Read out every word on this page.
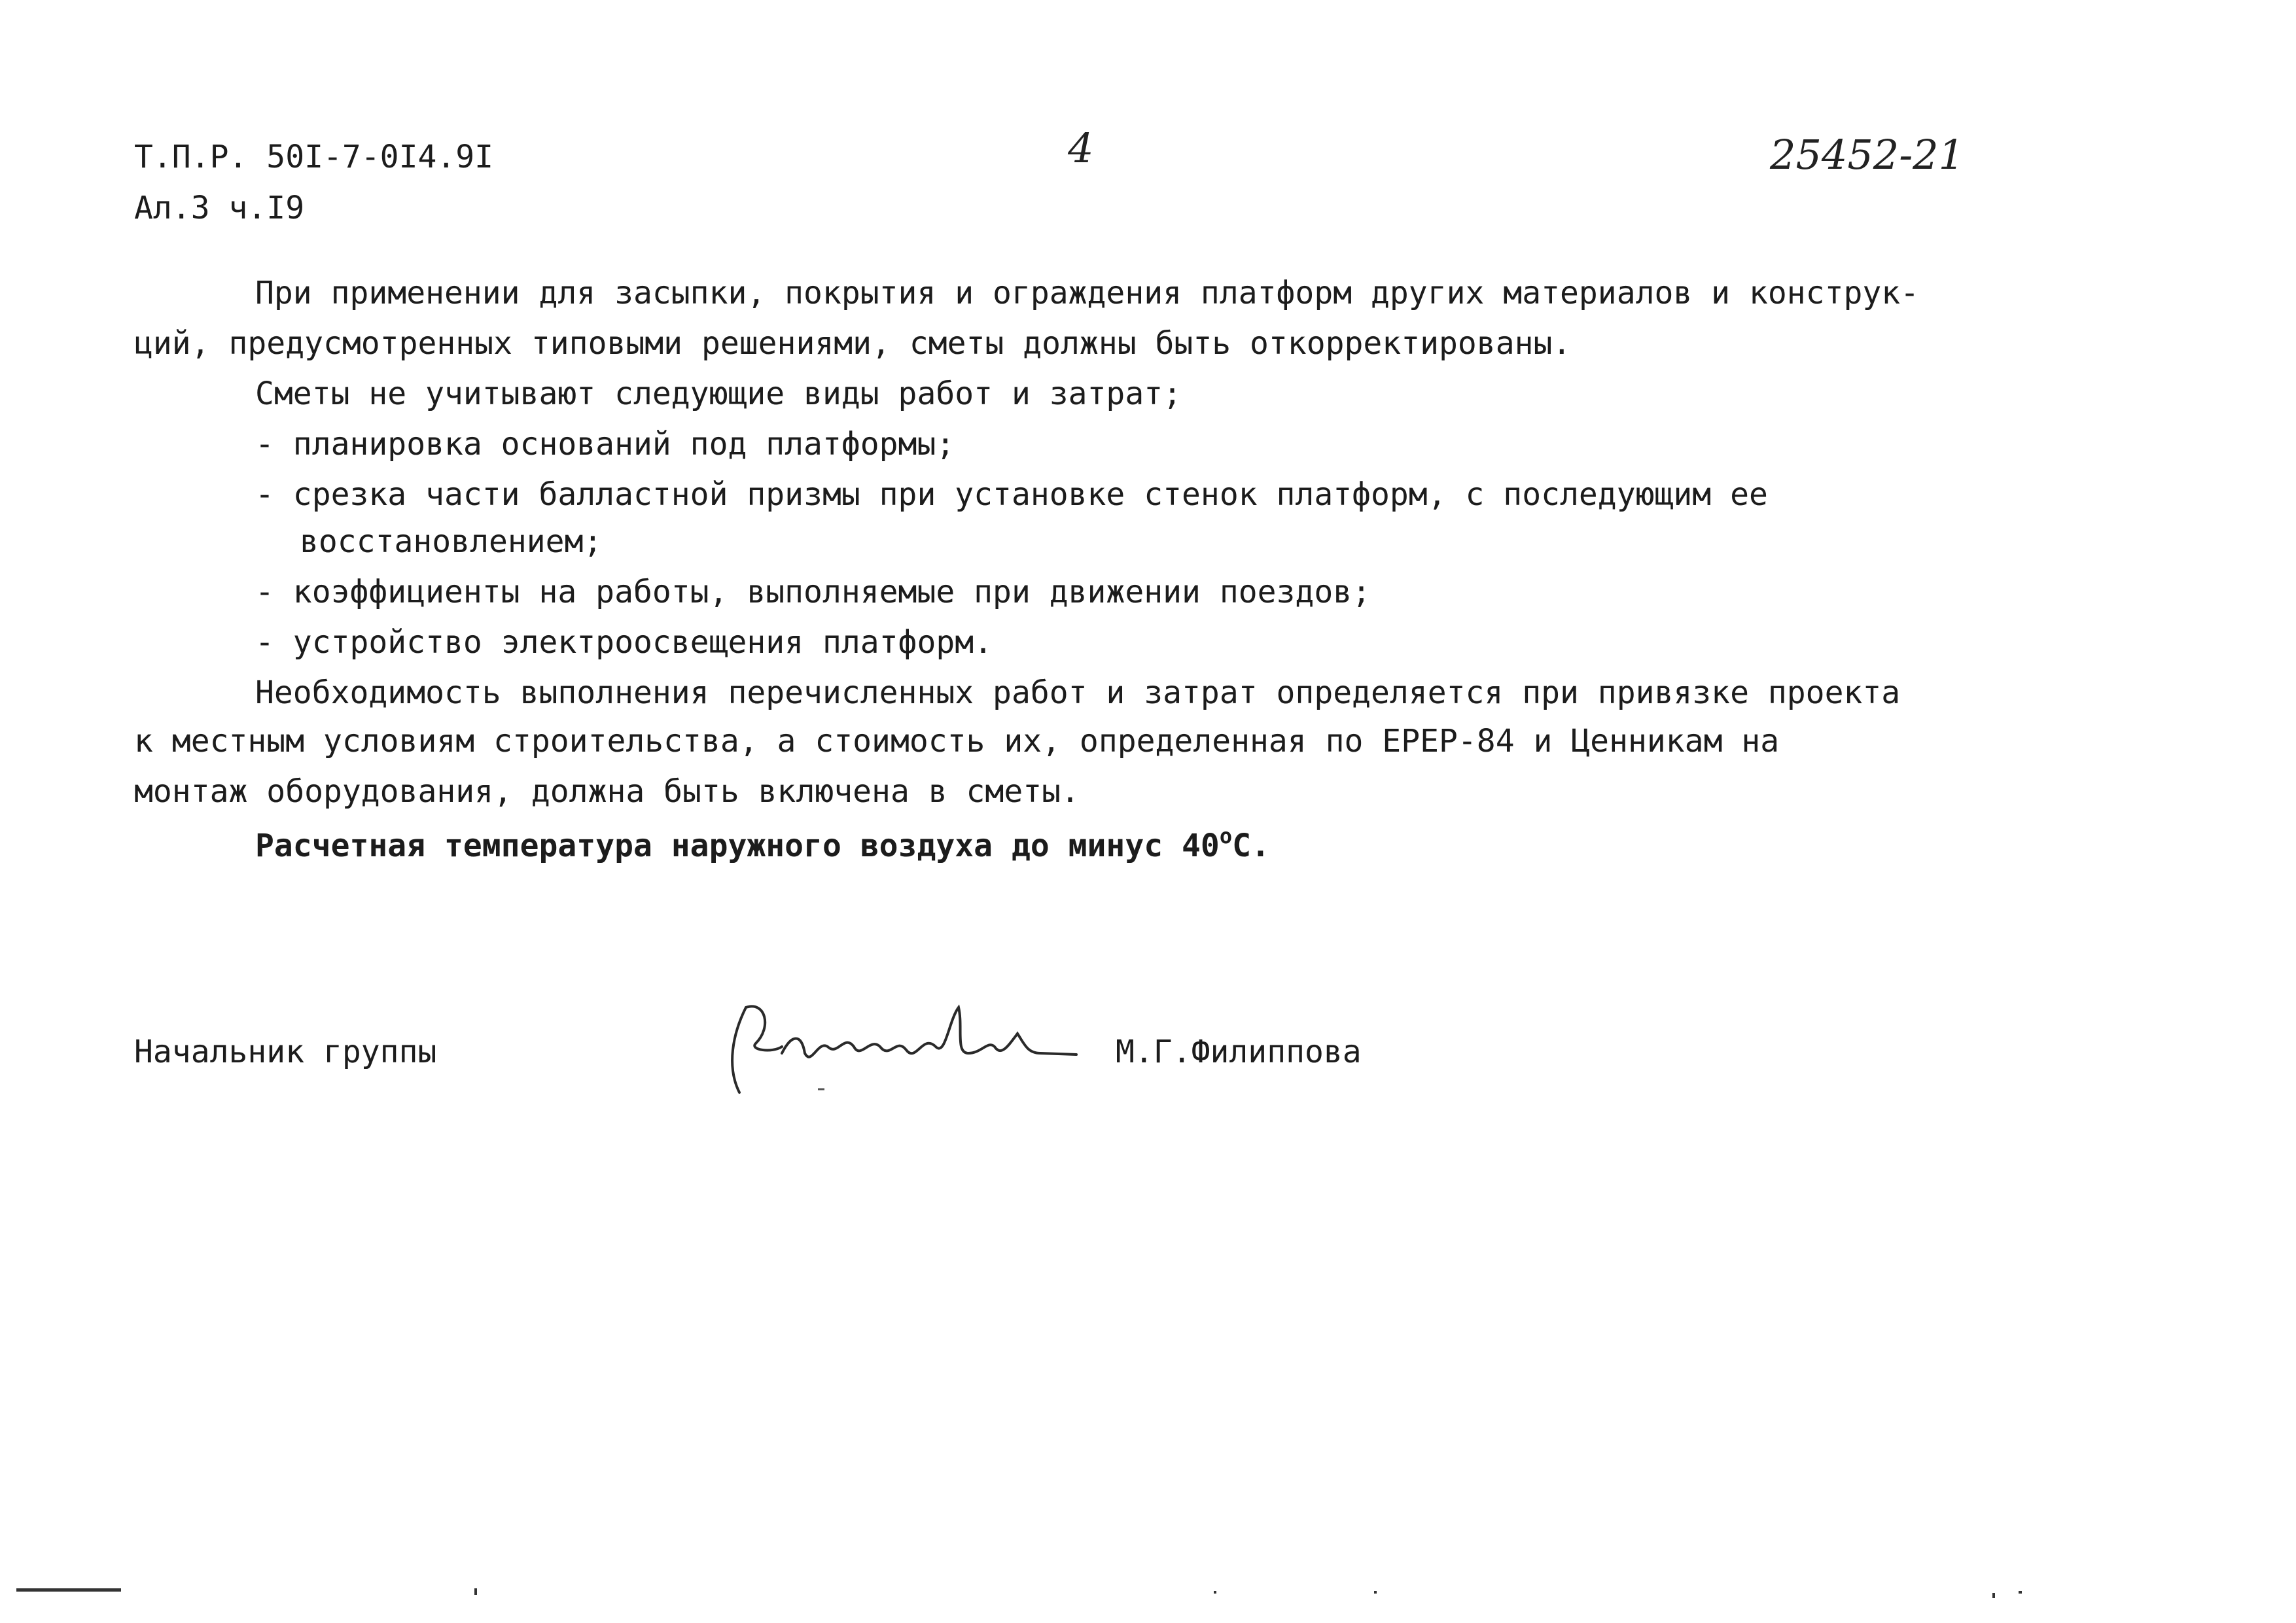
Т.П.Р. 50I-7-0I4.9I
Ал.3 ч.I9
4	25452-21
При применении для засыпки, покрытия и ограждения платформ других материалов и конструк-
ций, предусмотренных типовыми решениями, сметы должны быть откорректированы.
Сметы не учитывают следующие виды работ и затрат;
- планировка оснований под платформы;
- срезка части балластной призмы при установке стенок платформ, с последующим ее
восстановлением;
- коэффициенты на работы, выполняемые при движении поездов;
- устройство электроосвещения платформ.
Необходимость выполнения перечисленных работ и затрат определяется при привязке проекта
к местным условиям строительства, а стоимость их, определенная по ЕРЕР-84 и Ценникам на
монтаж оборудования, должна быть включена в сметы.
Расчетная температура наружного воздуха до минус 40$^o$С.
Начальник группы	М.Г.Филиппова
